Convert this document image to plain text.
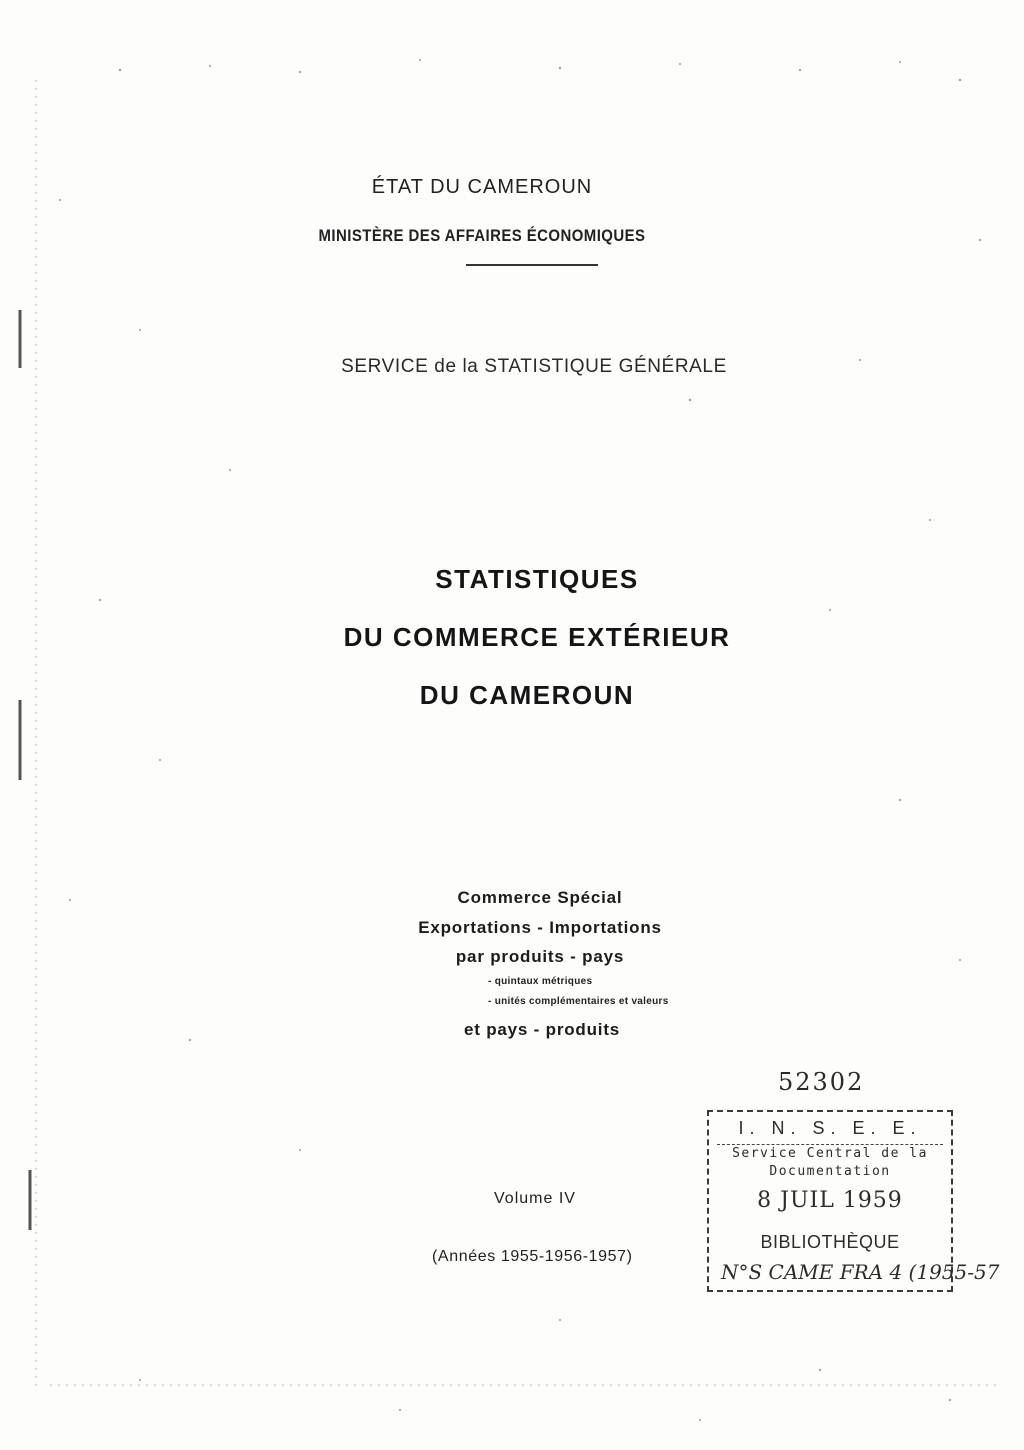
ÉTAT DU CAMEROUN
MINISTÈRE DES AFFAIRES ÉCONOMIQUES
SERVICE de la STATISTIQUE GÉNÉRALE
STATISTIQUES
DU COMMERCE EXTÉRIEUR
DU CAMEROUN
Commerce Spécial
Exportations - Importations
par produits - pays
- quintaux métriques
- unités complémentaires et valeurs
et pays - produits
Volume IV
(Années 1955-1956-1957)
52302
I. N. S. E. E.
Service Central de la
Documentation
8 JUIL 1959
BIBLIOTHÈQUE
N°S CAME FRA 4 (1955-57
